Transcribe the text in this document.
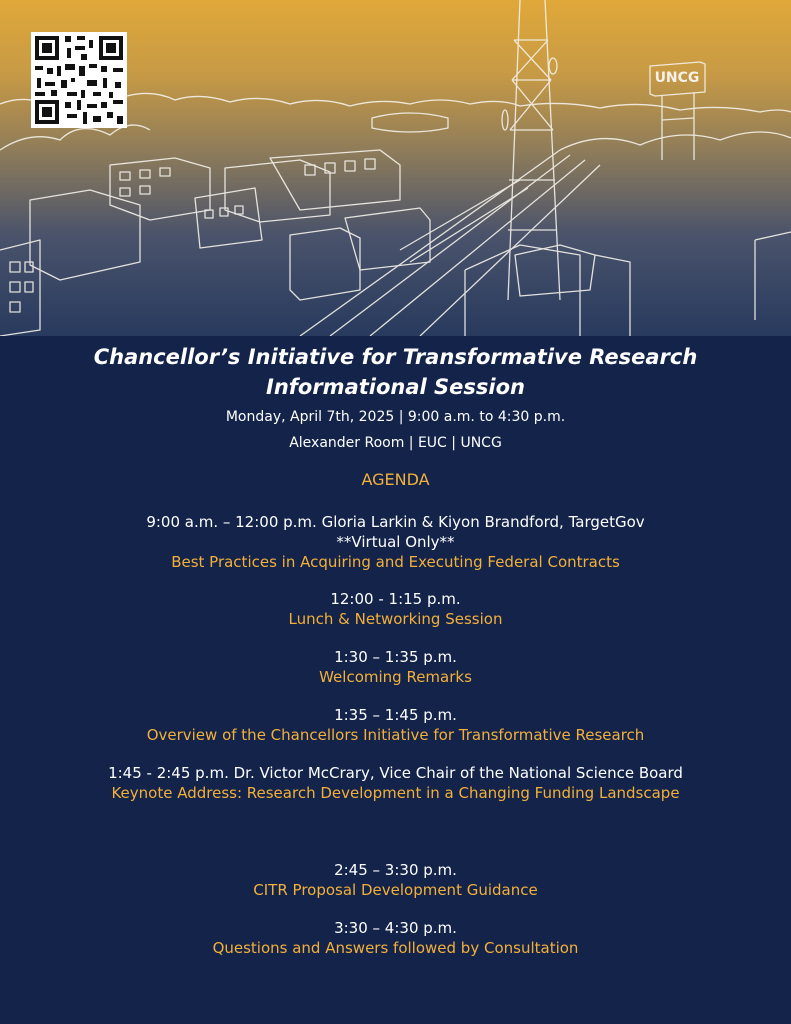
UNCG
Chancellor’s Initiative for Transformative Research
Informational Session
Monday, April 7th, 2025 | 9:00 a.m. to 4:30 p.m.
Alexander Room | EUC | UNCG
AGENDA
9:00 a.m. – 12:00 p.m. Gloria Larkin & Kiyon Brandford, TargetGov
**Virtual Only**
Best Practices in Acquiring and Executing Federal Contracts
12:00 - 1:15 p.m.
Lunch & Networking Session
1:30 – 1:35 p.m.
Welcoming Remarks
1:35 – 1:45 p.m.
Overview of the Chancellors Initiative for Transformative Research
1:45 - 2:45 p.m. Dr. Victor McCrary, Vice Chair of the National Science Board
Keynote Address: Research Development in a Changing Funding Landscape
2:45 – 3:30 p.m.
CITR Proposal Development Guidance
3:30 – 4:30 p.m.
Questions and Answers followed by Consultation
